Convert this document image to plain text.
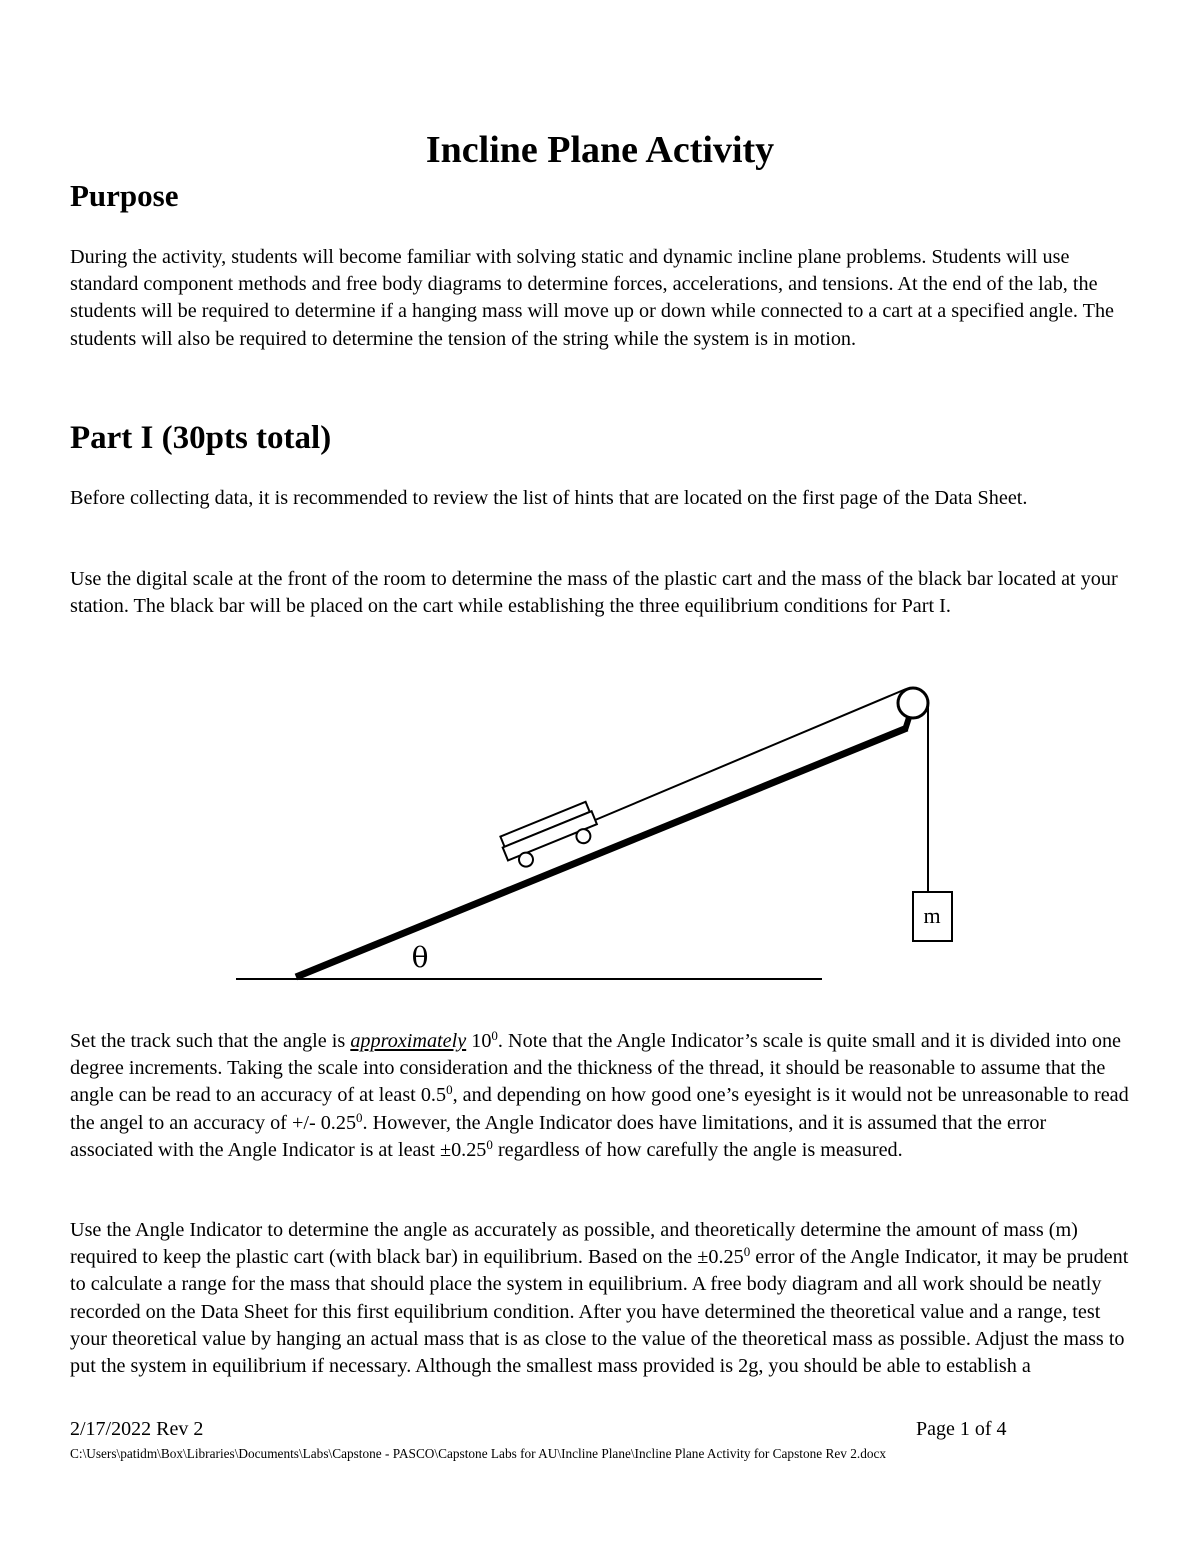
Incline Plane Activity
Purpose

During the activity, students will become familiar with solving static and dynamic incline plane problems. Students will use standard component methods and free body diagrams to determine forces, accelerations, and tensions. At the end of the lab, the students will be required to determine if a hanging mass will move up or down while connected to a cart at a specified angle. The students will also be required to determine the tension of the string while the system is in motion.

Part I (30pts total)

Before collecting data, it is recommended to review the list of hints that are located on the first page of the Data Sheet.

Use the digital scale at the front of the room to determine the mass of the plastic cart and the mass of the black bar located at your station. The black bar will be placed on the cart while establishing the three equilibrium conditions for Part I.

m
θ

Set the track such that the angle is approximately $10^0$. Note that the Angle Indicator’s scale is quite small and it is divided into one degree increments. Taking the scale into consideration and the thickness of the thread, it should be reasonable to assume that the angle can be read to an accuracy of at least $0.5^0$, and depending on how good one’s eyesight is it would not be unreasonable to read the angel to an accuracy of +/- 0.25$^0$. However, the Angle Indicator does have limitations, and it is assumed that the error associated with the Angle Indicator is at least $\pm 0.25^0$ regardless of how carefully the angle is measured.

Use the Angle Indicator to determine the angle as accurately as possible, and theoretically determine the amount of mass (m) required to keep the plastic cart (with black bar) in equilibrium. Based on the $\pm 0.25^0$ error of the Angle Indicator, it may be prudent to calculate a range for the mass that should place the system in equilibrium. A free body diagram and all work should be neatly recorded on the Data Sheet for this first equilibrium condition. After you have determined the theoretical value and a range, test your theoretical value by hanging an actual mass that is as close to the value of the theoretical mass as possible. Adjust the mass to put the system in equilibrium if necessary. Although the smallest mass provided is 2g, you should be able to establish a

2/17/2022 Rev 2	Page 1 of 4
C:\Users\patidm\Box\Libraries\Documents\Labs\Capstone - PASCO\Capstone Labs for AU\Incline Plane\Incline Plane Activity for Capstone Rev 2.docx
